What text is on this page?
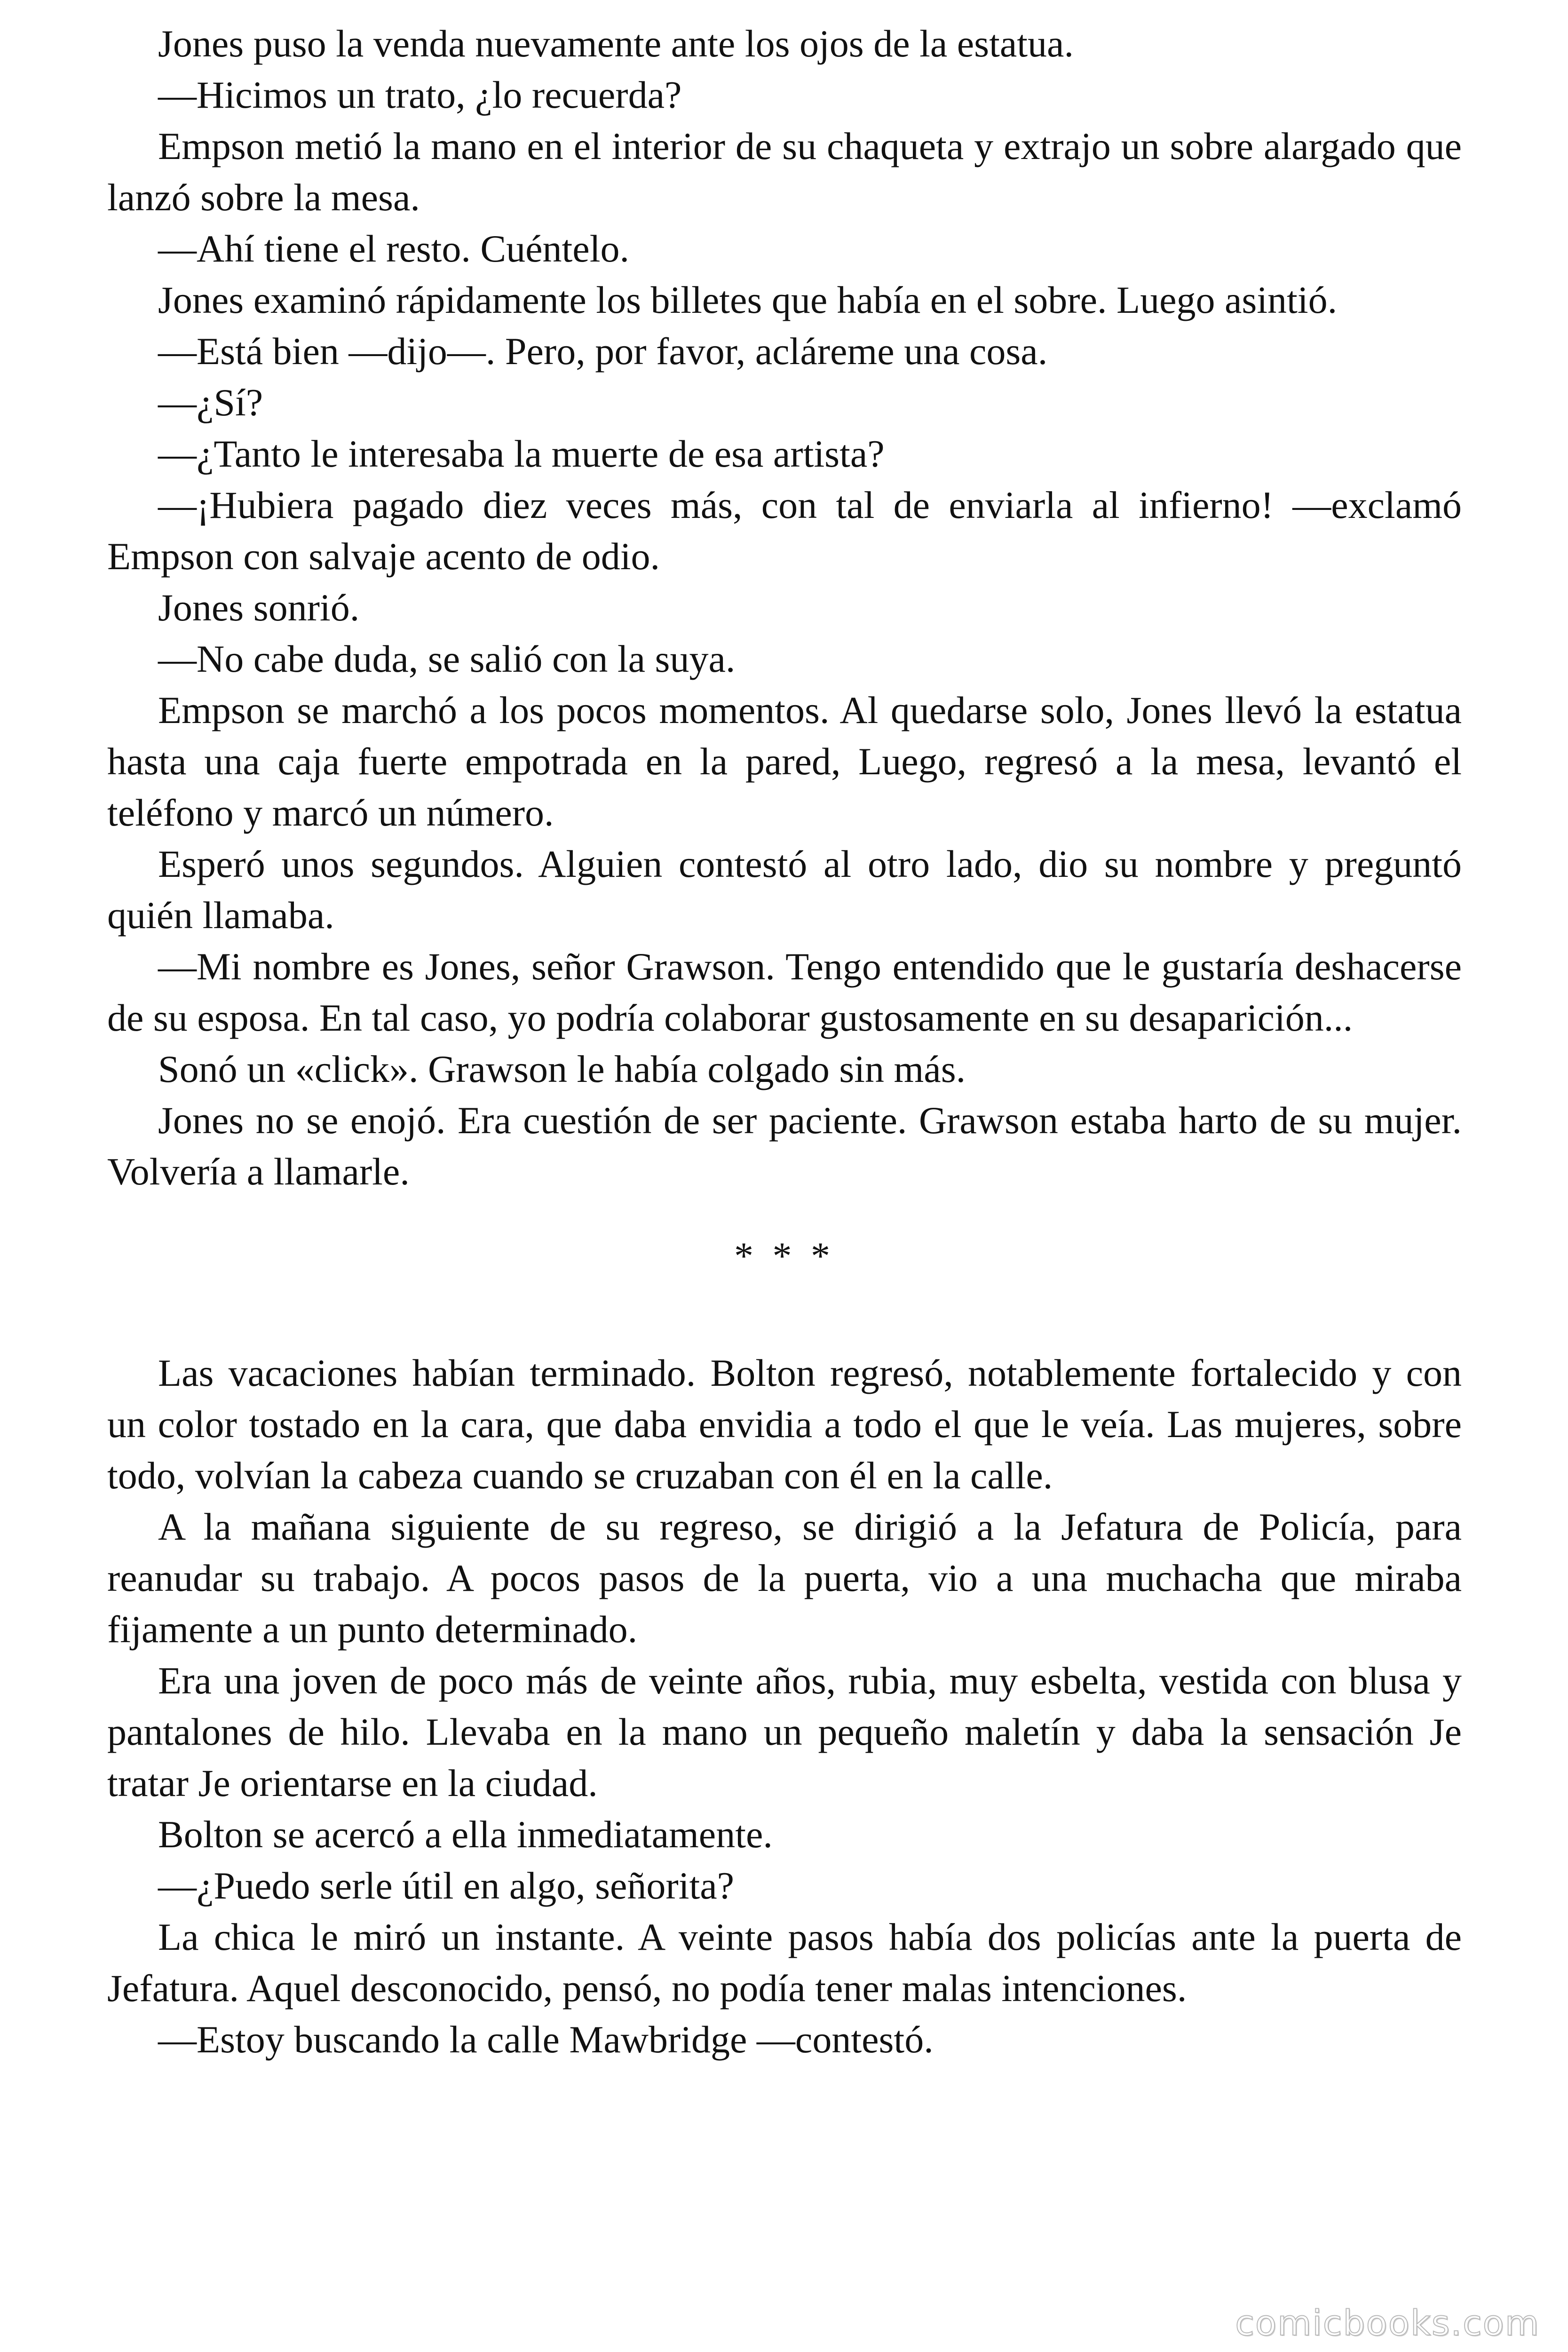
Jones puso la venda nuevamente ante los ojos de la estatua.

—Hicimos un trato, ¿lo recuerda?

Empson metió la mano en el interior de su chaqueta y extrajo un sobre alargado que lanzó sobre la mesa.

—Ahí tiene el resto. Cuéntelo.

Jones examinó rápidamente los billetes que había en el sobre. Luego asintió.

—Está bien —dijo—. Pero, por favor, acláreme una cosa.

—¿Sí?

—¿Tanto le interesaba la muerte de esa artista?

—¡Hubiera pagado diez veces más, con tal de enviarla al infierno! —exclamó Empson con salvaje acento de odio.

Jones sonrió.

—No cabe duda, se salió con la suya.

Empson se marchó a los pocos momentos. Al quedarse solo, Jones llevó la estatua hasta una caja fuerte empotrada en la pared, Luego, regresó a la mesa, levantó el teléfono y marcó un número.

Esperó unos segundos. Alguien contestó al otro lado, dio su nombre y preguntó quién llamaba.

—Mi nombre es Jones, señor Grawson. Tengo entendido que le gustaría deshacerse de su esposa. En tal caso, yo podría colaborar gustosamente en su desaparición...

Sonó un «click». Grawson le había colgado sin más.

Jones no se enojó. Era cuestión de ser paciente. Grawson estaba harto de su mujer. Volvería a llamarle.

* * *

Las vacaciones habían terminado. Bolton regresó, notablemente fortalecido y con un color tostado en la cara, que daba envidia a todo el que le veía. Las mujeres, sobre todo, volvían la cabeza cuando se cruzaban con él en la calle.

A la mañana siguiente de su regreso, se dirigió a la Jefatura de Policía, para reanudar su trabajo. A pocos pasos de la puerta, vio a una muchacha que miraba fijamente a un punto determinado.

Era una joven de poco más de veinte años, rubia, muy esbelta, vestida con blusa y pantalones de hilo. Llevaba en la mano un pequeño maletín y daba la sensación Je tratar Je orientarse en la ciudad.

Bolton se acercó a ella inmediatamente.

—¿Puedo serle útil en algo, señorita?

La chica le miró un instante. A veinte pasos había dos policías ante la puerta de Jefatura. Aquel desconocido, pensó, no podía tener malas intenciones.

—Estoy buscando la calle Mawbridge —contestó.

comicbooks.com
